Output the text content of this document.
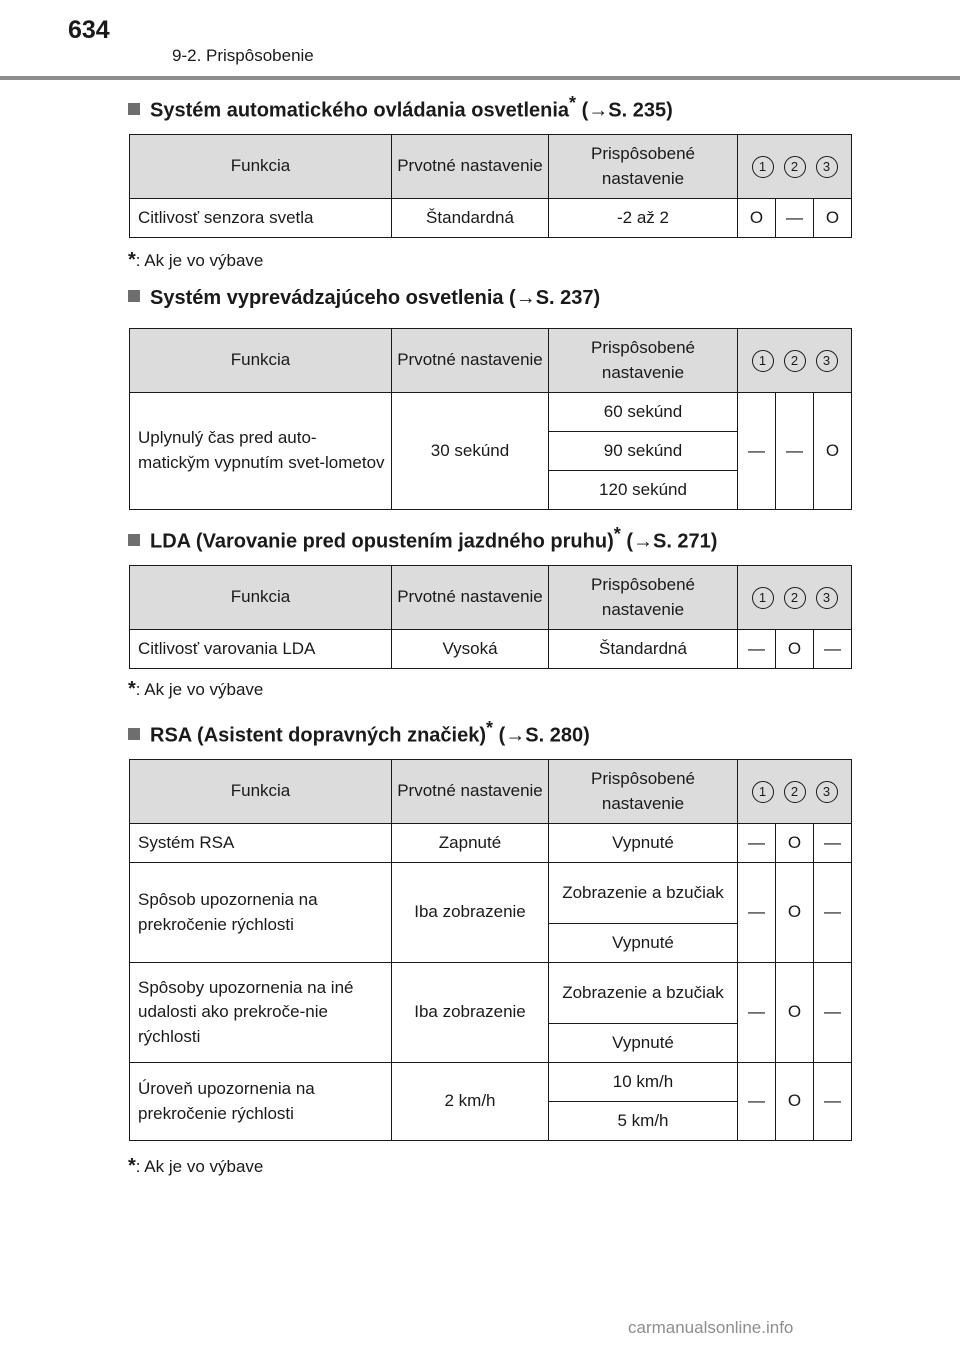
634
9-2. Prispôsobenie
Systém automatického ovládania osvetlenia* (→S. 235)
Funkcia	Prvotné nastavenie	Prispôsobené nastavenie	1 2 3		
Citlivosť senzora svetla	Štandardná	-2 až 2	O	—	O
*: Ak je vo výbave
Systém vyprevádzajúceho osvetlenia (→S. 237)
Funkcia	Prvotné nastavenie	Prispôsobené nastavenie	1 2 3		
Uplynulý čas pred auto-maticky̌m vypnutím svet-lometov	30 sekúnd	60 sekúnd	—	—	O
		90 sekúnd			
		120 sekúnd			
LDA (Varovanie pred opustením jazdného pruhu)* (→S. 271)
Funkcia	Prvotné nastavenie	Prispôsobené nastavenie	1 2 3		
Citlivosť varovania LDA	Vysoká	Štandardná	—	O	—
*: Ak je vo výbave
RSA (Asistent dopravných značiek)* (→S. 280)
Funkcia	Prvotné nastavenie	Prispôsobené nastavenie	1 2 3		
Systém RSA	Zapnuté	Vypnuté	—	O	—
Spôsob upozornenia na prekročenie rýchlosti	Iba zobrazenie	Zobrazenie a bzučiak	—	O	—
		Vypnuté			
Spôsoby upozornenia na iné udalosti ako prekroče-nie rýchlosti	Iba zobrazenie	Zobrazenie a bzučiak	—	O	—
		Vypnuté			
Úroveň upozornenia na prekročenie rýchlosti	2 km/h	10 km/h	—	O	—
		5 km/h			
*: Ak je vo výbave
carmanualsonline.info
